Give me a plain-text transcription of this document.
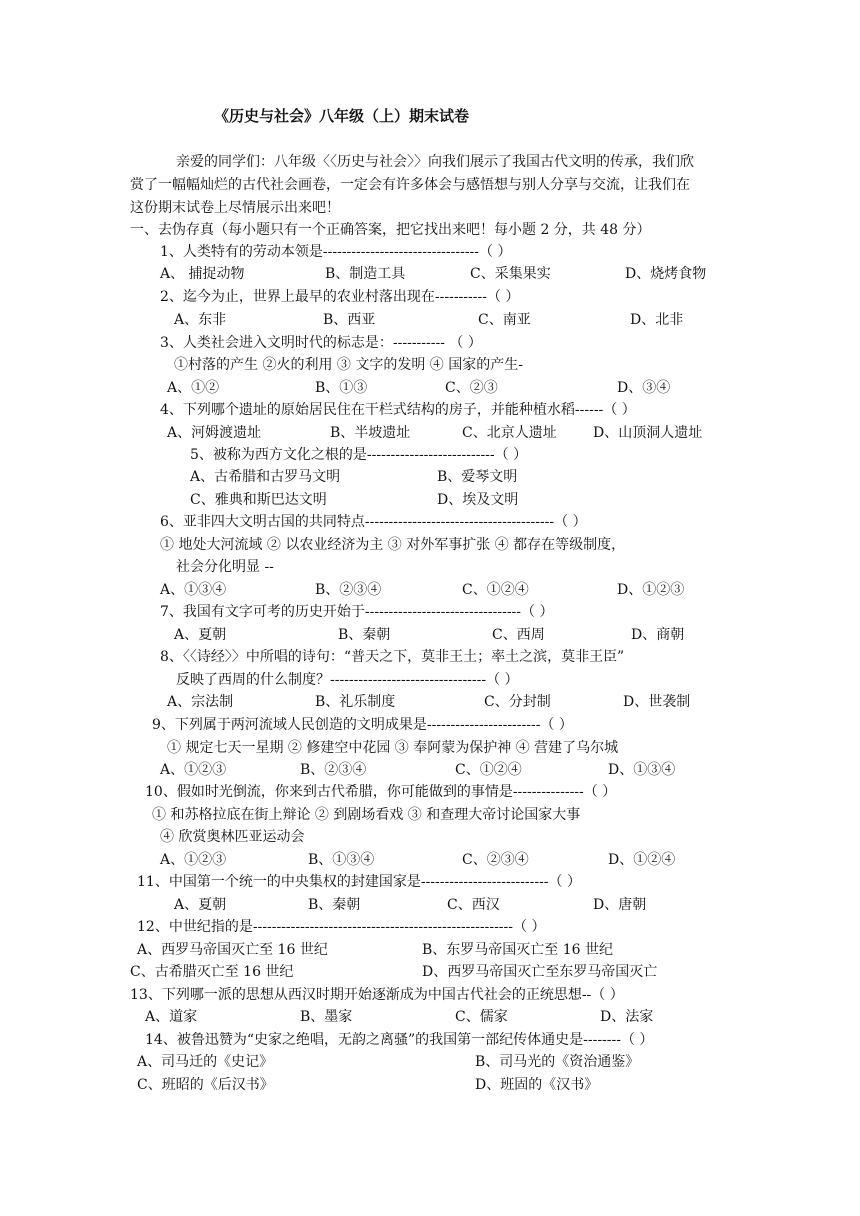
《历史与社会》八年级（上）期末试卷
亲爱的同学们：八年级〈〈历史与社会〉〉向我们展示了我国古代文明的传承，我们欣
赏了一幅幅灿烂的古代社会画卷，一定会有许多体会与感悟想与别人分享与交流，让我们在
这份期末试卷上尽情展示出来吧！
一、去伪存真（每小题只有一个正确答案，把它找出来吧！每小题 2 分，共 48 分）
1、人类特有的劳动本领是---------------------------------（ ）
A、 捕捉动物	B、制造工具	C、采集果实	D、烧烤食物
2、迄今为止，世界上最早的农业村落出现在-----------（ ）
A、东非	B、西亚	C、南亚	D、北非
3、人类社会进入文明时代的标志是：----------- （ ）
①村落的产生 ②火的利用 ③ 文字的发明 ④ 国家的产生-
A、①②	B、①③	C、②③	D、③④
4、下列哪个遗址的原始居民住在干栏式结构的房子，并能种植水稻------（ ）
A、河姆渡遗址	B、半坡遗址	C、北京人遗址	D、山顶洞人遗址
5、被称为西方文化之根的是---------------------------（ ）
A、古希腊和古罗马文明	B、爱琴文明
C、雅典和斯巴达文明	D、埃及文明
6、亚非四大文明古国的共同特点----------------------------------------（ ）
① 地处大河流域 ② 以农业经济为主 ③ 对外军事扩张 ④ 都存在等级制度，
社会分化明显 --
A、①③④	B、②③④	C、①②④	D、①②③
7、我国有文字可考的历史开始于---------------------------------（ ）
A、夏朝	B、秦朝	C、西周	D、商朝
8、〈〈诗经〉〉中所唱的诗句：“普天之下，莫非王土；率土之滨，莫非王臣”
反映了西周的什么制度？---------------------------------（ ）
A、宗法制	B、礼乐制度	C、分封制	D、世袭制
9、下列属于两河流域人民创造的文明成果是------------------------（ ）
① 规定七天一星期 ② 修建空中花园 ③ 奉阿蒙为保护神 ④ 营建了乌尔城
A、①②③	B、②③④	C、①②④	D、①③④
10、假如时光倒流，你来到古代希腊，你可能做到的事情是---------------（ ）
① 和苏格拉底在街上辩论 ② 到剧场看戏 ③ 和查理大帝讨论国家大事
④ 欣赏奥林匹亚运动会
A、①②③	B、①③④	C、②③④	D、①②④
11、中国第一个统一的中央集权的封建国家是---------------------------（ ）
A、夏朝	B、秦朝	C、西汉	D、唐朝
12、中世纪指的是-------------------------------------------------------（ ）
A、西罗马帝国灭亡至 16 世纪	B、东罗马帝国灭亡至 16 世纪
C、古希腊灭亡至 16 世纪	D、西罗马帝国灭亡至东罗马帝国灭亡
13、下列哪一派的思想从西汉时期开始逐渐成为中国古代社会的正统思想--（ ）
A、道家	B、墨家	C、儒家	D、法家
14、被鲁迅赞为“史家之绝唱，无韵之离骚”的我国第一部纪传体通史是--------（ ）
A、司马迁的《史记》	B、司马光的《资治通鉴》
C、班昭的《后汉书》	D、班固的《汉书》
